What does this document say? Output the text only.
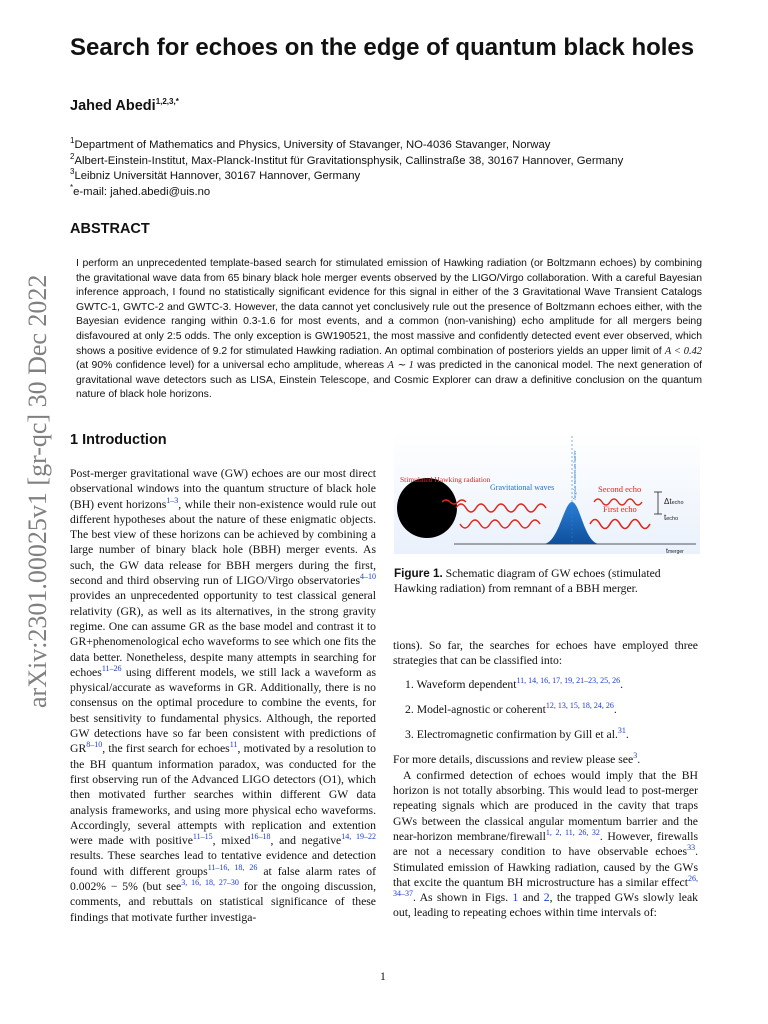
arXiv:2301.00025v1 [gr-qc] 30 Dec 2022
Search for echoes on the edge of quantum black holes
Jahed Abedi$^{1,2,3,*}$
$^1$Department of Mathematics and Physics, University of Stavanger, NO-4036 Stavanger, Norway
$^2$Albert-Einstein-Institut, Max-Planck-Institut für Gravitationsphysik, Callinstraße 38, 30167 Hannover, Germany
$^3$Leibniz Universität Hannover, 30167 Hannover, Germany
*e-mail: jahed.abedi@uis.no
ABSTRACT
I perform an unprecedented template-based search for stimulated emission of Hawking radiation (or Boltzmann echoes) by combining the gravitational wave data from 65 binary black hole merger events observed by the LIGO/Virgo collaboration. With a careful Bayesian inference approach, I found no statistically significant evidence for this signal in either of the 3 Gravitational Wave Transient Catalogs GWTC-1, GWTC-2 and GWTC-3. However, the data cannot yet conclusively rule out the presence of Boltzmann echoes either, with the Bayesian evidence ranging within 0.3-1.6 for most events, and a common (non-vanishing) echo amplitude for all mergers being disfavoured at only 2:5 odds. The only exception is GW190521, the most massive and confidently detected event ever observed, which shows a positive evidence of 9.2 for stimulated Hawking radiation. An optimal combination of posteriors yields an upper limit of A < 0.42 (at 90% confidence level) for a universal echo amplitude, whereas A ∼ 1 was predicted in the canonical model. The next generation of gravitational wave detectors such as LISA, Einstein Telescope, and Cosmic Explorer can draw a definitive conclusion on the quantum nature of black hole horizons.
1 Introduction
Post-merger gravitational wave (GW) echoes are our most direct observational windows into the quantum structure of black hole (BH) event horizons$^{1-3}$, while their non-existence would rule out different hypotheses about the nature of these enigmatic objects. The best view of these horizons can be achieved by combining a large number of binary black hole (BBH) merger events. As such, the GW data release for BBH mergers during the first, second and third observing run of LIGO/Virgo observatories$^{4-10}$ provides an unprecedented opportunity to test classical general relativity (GR), as well as its alternatives, in the strong gravity regime. One can assume GR as the base model and contrast it to GR+phenomenological echo waveforms to see which one fits the data better. Nonetheless, despite many attempts in searching for echoes$^{11-26}$ using different models, we still lack a waveform as physical/accurate as waveforms in GR. Additionally, there is no consensus on the optimal procedure to combine the events, for best sensitivity to fundamental physics. Although, the reported GW detections have so far been consistent with predictions of GR$^{8-10}$, the first search for echoes$^{11}$, motivated by a resolution to the BH quantum information paradox, was conducted for the first observing run of the Advanced LIGO detectors (O1), which then motivated further searches within different GW data analysis frameworks, and using more physical echo waveforms. Accordingly, several attempts with replication and extention were made with positive$^{11-15}$, mixed$^{16-18}$, and negative$^{14, 19-22}$ results. These searches lead to tentative evidence and detection found with different groups$^{11-16, 18, 26}$ at false alarm rates of 0.002% − 5% (but see$^{3, 16, 18, 27-30}$ for the ongoing discussion, comments, and rebuttals on statistical significance of these findings that motivate further investiga-
Stimulated Hawking radiation
Gravitational waves	Second echo
First echo
Angular momentum barrier
Δtecho
techo
tmerger
Figure 1. Schematic diagram of GW echoes (stimulated Hawking radiation) from remnant of a BBH merger.

tions). So far, the searches for echoes have employed three strategies that can be classified into:

1. Waveform dependent$^{11, 14, 16, 17, 19, 21-23, 25, 26}$.
2. Model-agnostic or coherent$^{12, 13, 15, 18, 24, 26}$.
3. Electromagnetic confirmation by Gill et al.$^{31}$.

For more details, discussions and review please see$^3$.
A confirmed detection of echoes would imply that the BH horizon is not totally absorbing. This would lead to post-merger repeating signals which are produced in the cavity that traps GWs between the classical angular momentum barrier and the near-horizon membrane/firewall$^{1, 2, 11, 26, 32}$. However, firewalls are not a necessary condition to have observable echoes$^{33}$. Stimulated emission of Hawking radiation, caused by the GWs that excite the quantum BH microstructure has a similar effect$^{26, 34-37}$. As shown in Figs. 1 and 2, the trapped GWs slowly leak out, leading to repeating echoes within time intervals of:

1
